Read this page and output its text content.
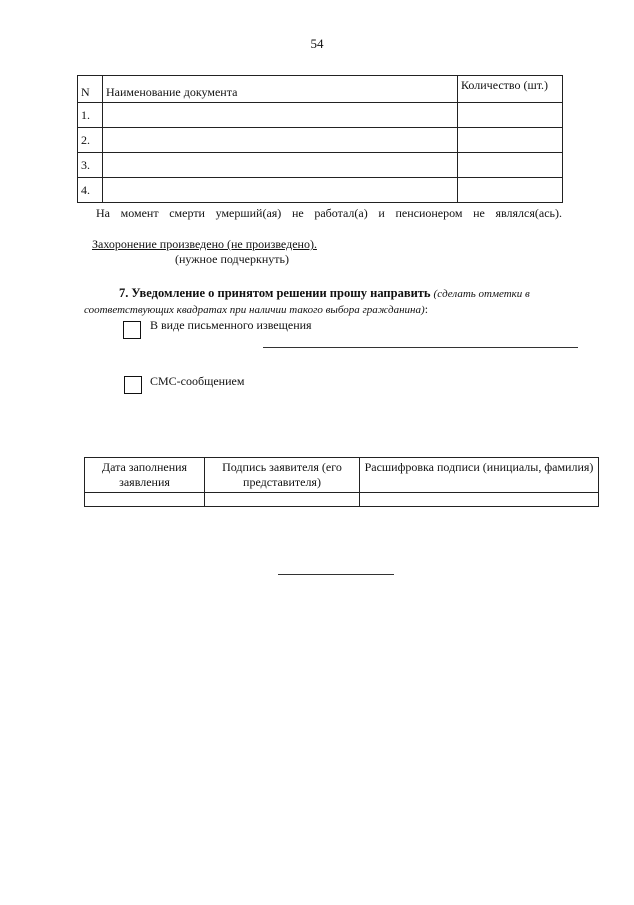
54
N	Наименование документа	Количество (шт.)
1.		
2.		
3.		
4.		
На момент смерти умерший(ая) не работал(а) и пенсионером не являлся(ась).
Захоронение произведено (не произведено).
(нужное подчеркнуть)
7. Уведомление о принятом решении прошу направить (сделать отметки в соответствующих квадратах при наличии такого выбора гражданина):
В виде письменного извещения
СМС-сообщением
Дата заполнения заявления	Подпись заявителя (его представителя)	Расшифровка подписи (инициалы, фамилия)
